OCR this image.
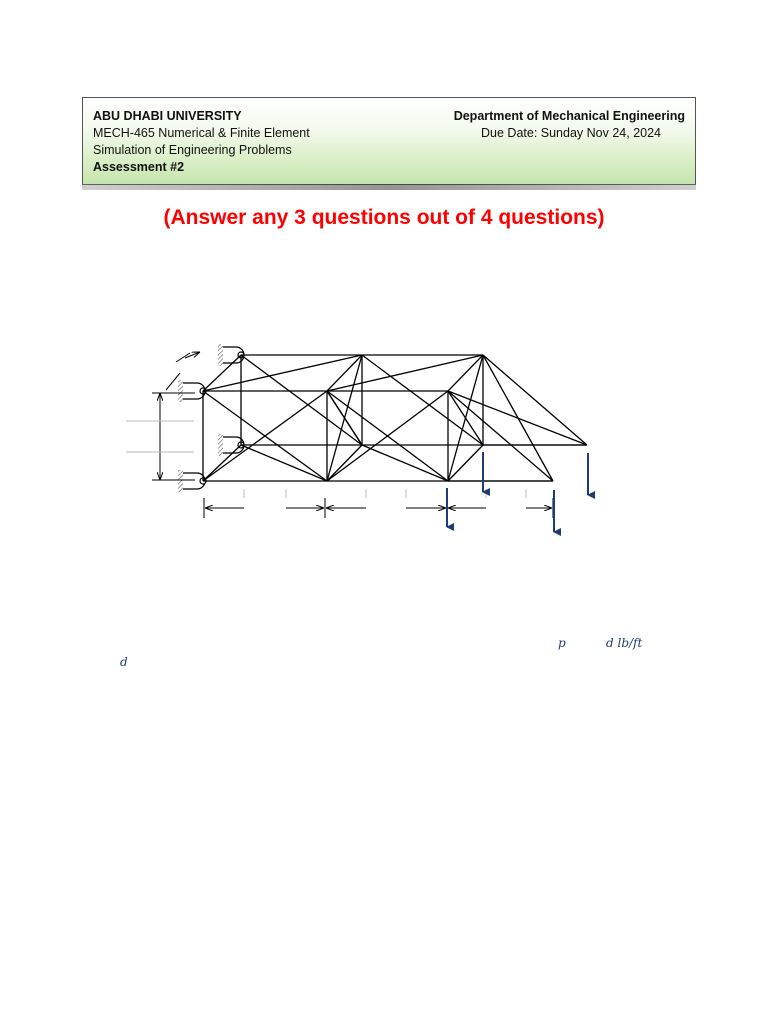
ABU DHABI UNIVERSITY
MECH-465 Numerical & Finite Element
Simulation of Engineering Problems
Assessment #2
Department of Mechanical Engineering
Due Date: Sunday Nov 24, 2024
(Answer any 3 questions out of 4 questions)
p	d lb/ft
d
